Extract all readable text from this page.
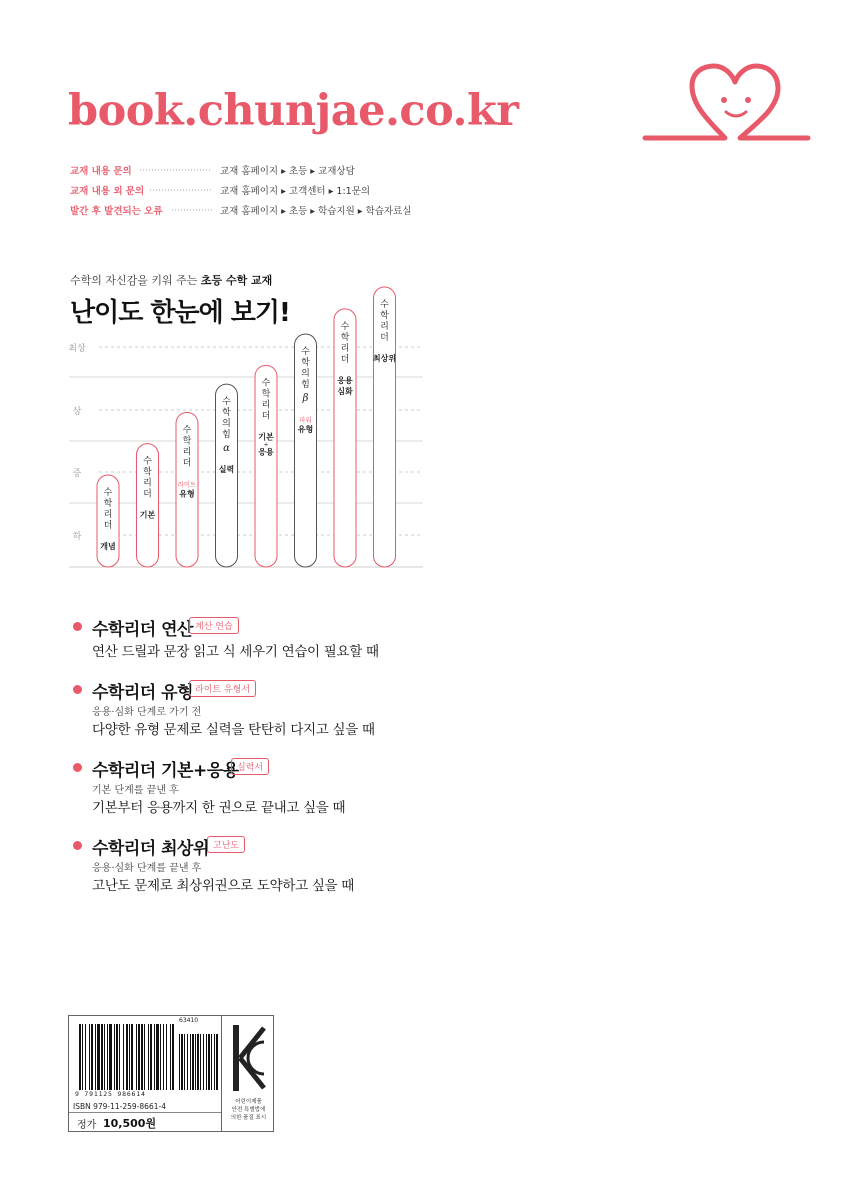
book.chunjae.co.kr
교재 내용 문의	교재 홈페이지 ▸ 초등 ▸ 교재상담
교재 내용 외 문의	교재 홈페이지 ▸ 고객센터 ▸ 1:1문의
발간 후 발견되는 오류	교재 홈페이지 ▸ 초등 ▸ 학습지원 ▸ 학습자료실
수학의 자신감을 키워 주는 초등 수학 교재
난이도 한눈에 보기!
하
중
상
최상
수
학
리
더
개념
수
학
리
더
기본
수
학
리
더
라이트
유형
수
학
의
힘
α
실력
수
학
리
더
기본
+
응용
수
학
의
힘
β
파워
유형
수
학
리
더
응용
심화
수
학
리
더
최상위
수학리더 연산 계산 연습
연산 드릴과 문장 읽고 식 세우기 연습이 필요할 때
수학리더 유형 라이트 유형서
응용·심화 단계로 가기 전
다양한 유형 문제로 실력을 탄탄히 다지고 싶을 때
수학리더 기본+응용
실력서
기본 단계를 끝낸 후
기본부터 응용까지 한 권으로 끝내고 싶을 때
수학리더 최상위 고난도
응용·심화 단계를 끝낸 후
고난도 문제로 최상위권으로 도약하고 싶을 때
63410
9 791125 986614
ISBN 979-11-259-8661-4
정가 10,500원
어린이제품
안전 특별법에
의한 품질 표시
